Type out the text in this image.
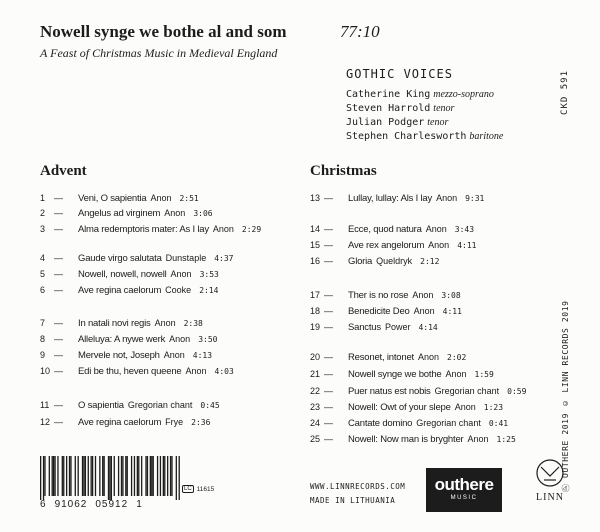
Nowell synge we bothe al and som
A Feast of Christmas Music in Medieval England
77:10
GOTHIC VOICES
Catherine King mezzo-soprano
Steven Harrold tenor
Julian Podger tenor
Stephen Charlesworth baritone
CKD 591
Ⓟ OUTHERE 2019 © LINN RECORDS 2019
Advent	Christmas
1 —	Veni, O sapientia Anon 2:51
2 —	Angelus ad virginem Anon 3:06
3 —	Alma redemptoris mater: As I lay Anon 2:29
4 —	Gaude virgo salutata Dunstaple 4:37
5 —	Nowell, nowell, nowell Anon 3:53
6 —	Ave regina caelorum Cooke 2:14
7 —	In natali novi regis Anon 2:38
8 —	Alleluya: A nywe werk Anon 3:50
9 —	Mervele not, Joseph Anon 4:13
10 —	Edi be thu, heven queene Anon 4:03
11 —	O sapientia Gregorian chant 0:45
12 —	Ave regina caelorum Frye 2:36
13 —	Lullay, lullay: Als I lay Anon 9:31
14 —	Ecce, quod natura Anon 3:43
15 —	Ave rex angelorum Anon 4:11
16 —	Gloria Queldryk 2:12
17 —	Ther is no rose Anon 3:08
18 —	Benedicite Deo Anon 4:11
19 —	Sanctus Power 4:14
20 —	Resonet, intonet Anon 2:02
21 —	Nowell synge we bothe Anon 1:59
22 —	Puer natus est nobis Gregorian chant 0:59
23 —	Nowell: Owt of your slepe Anon 1:23
24 —	Cantate domino Gregorian chant 0:41
25 —	Nowell: Now man is bryghter Anon 1:25
6 91062 05912 1
LC 11615	WWW.LINNRECORDS.COM
MADE IN LITHUANIA
outhere
MUSIC	LINN
